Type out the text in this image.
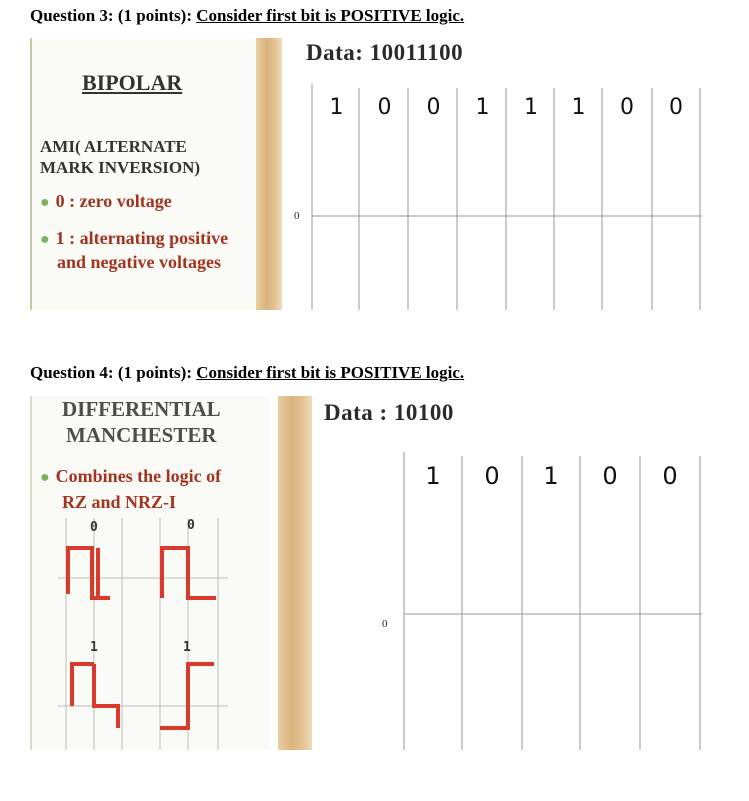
Question 3: (1 points): Consider first bit is POSITIVE logic.
BIPOLAR
AMI( ALTERNATE
MARK INVERSION)
● 0 : zero voltage
● 1 : alternating positive
and negative voltages
Data: 10011100
1	0	0	1	1	1	0	0
0
Question 4: (1 points): Consider first bit is POSITIVE logic.
DIFFERENTIAL
MANCHESTER
● Combines the logic of
RZ and NRZ-I
0	0
1	1
Data : 10100
1	0	1	0	0
0
